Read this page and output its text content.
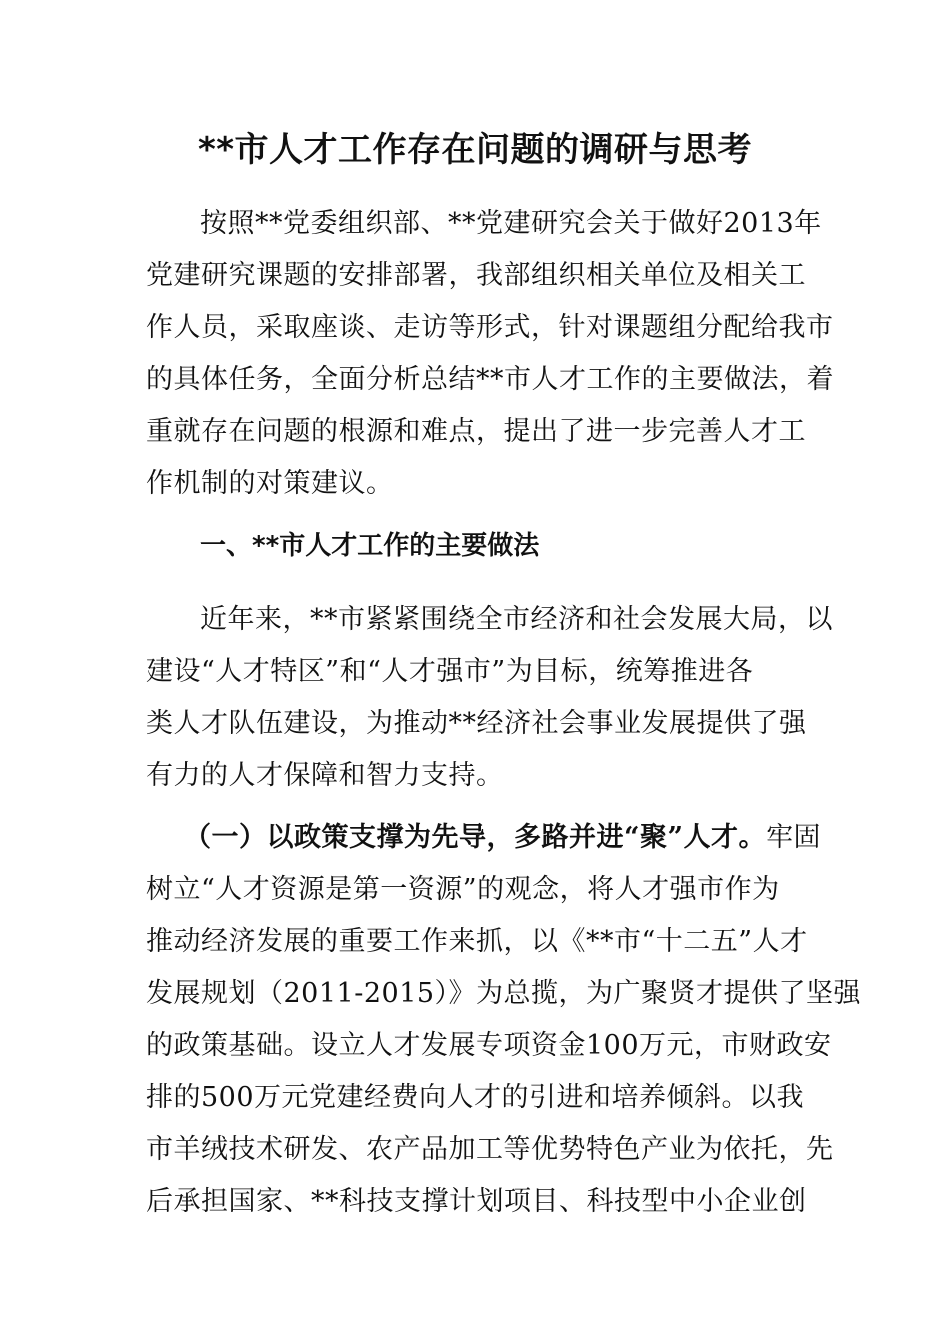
**市人才工作存在问题的调研与思考

按照**党委组织部、**党建研究会关于做好2013年
党建研究课题的安排部署，我部组织相关单位及相关工
作人员，采取座谈、走访等形式，针对课题组分配给我市
的具体任务，全面分析总结**市人才工作的主要做法，着
重就存在问题的根源和难点，提出了进一步完善人才工
作机制的对策建议。

一、**市人才工作的主要做法

近年来，**市紧紧围绕全市经济和社会发展大局，以
建设“人才特区”和“人才强市”为目标，统筹推进各
类人才队伍建设，为推动**经济社会事业发展提供了强
有力的人才保障和智力支持。

（一）以政策支撑为先导，多路并进“聚”人才。牢固
树立“人才资源是第一资源”的观念，将人才强市作为
推动经济发展的重要工作来抓，以《**市“十二五”人才
发展规划（2011-2015）》为总揽，为广聚贤才提供了坚强
的政策基础。设立人才发展专项资金100万元，市财政安
排的500万元党建经费向人才的引进和培养倾斜。以我
市羊绒技术研发、农产品加工等优势特色产业为依托，先
后承担国家、**科技支撑计划项目、科技型中小企业创
